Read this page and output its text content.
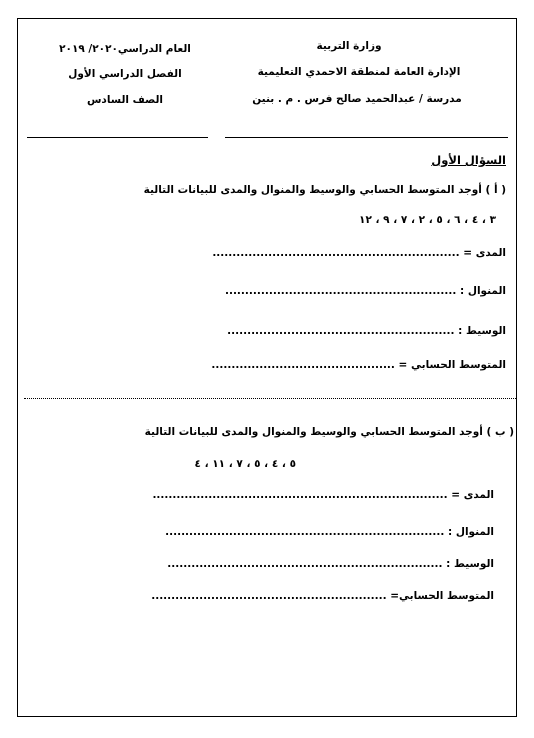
وزارة التربية
الإدارة العامة لمنطقة الاحمدي التعليمية
مدرسة / عبدالحميد صالح فرس . م . بنين
العام الدراسي٢٠٢٠/ ٢٠١٩
الفصل الدراسي الأول
الصف السادس
السؤال الأول
( أ ) أوجد المتوسط الحسابي والوسيط والمنوال والمدى للبيانات التالية
٣ ، ٤ ، ٦ ، ٥ ، ٢ ، ٧ ، ٩ ، ١٢
المدى = ..............................................................
المنوال : ..........................................................
الوسيط : .........................................................
المتوسط الحسابي = ..............................................
( ب ) أوجد المتوسط الحسابي والوسيط والمنوال والمدى للبيانات التالية
٥ ، ٤ ، ٥ ، ٧ ، ١١ ، ٤
المدى = ..........................................................................
المنوال : ......................................................................
الوسيط : .....................................................................
المتوسط الحسابي= ...........................................................
